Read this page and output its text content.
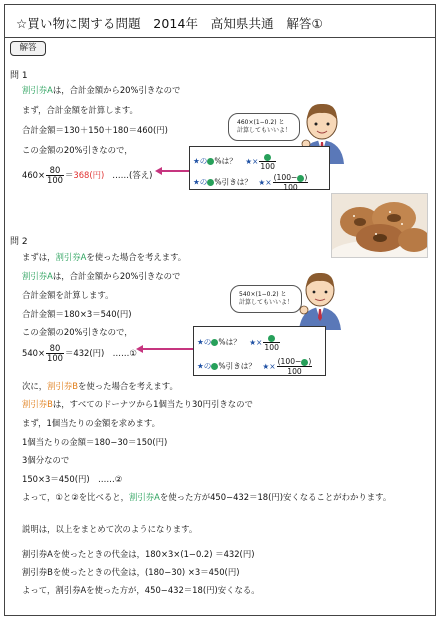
☆買い物に関する問題　2014年　高知県共通　解答①
解答
問 1
割引券Aは，合計金額から20%引きなので
まず，合計金額を計算します。
合計金額＝130＋150＋180＝460(円)
この金額の20%引きなので，
$460\times \frac{80}{100} =368$(円) ……(答え)
460×(1−0.2) と
計算してもいいよ！
★の %は？ ★×
100
★の %引きは？ ★× $\frac{(100- )}{100}$
問 2
まずは，割引券Aを使った場合を考えます。
割引券Aは，合計金額から20%引きなので
合計金額を計算します。
合計金額＝180×3＝540(円)
この金額の20%引きなので，
$540\times \frac{80}{100} =432$(円)　……①
540×(1−0.2) と
計算してもいいよ！
★の %は？ ★×
100
★の %引きは？ ★× $\frac{(100- )}{100}$
次に，割引券Bを使った場合を考えます。
割引券Bは，すべてのドーナツから1個当たり30円引きなので
まず，1個当たりの金額を求めます。
1個当たりの金額＝180−30＝150(円)
3個分なので
150×3＝450(円)　……②
よって，①と②を比べると，割引券Aを使った方が450−432＝18(円)安くなることがわかります。
説明は，以上をまとめて次のようになります。
割引券Aを使ったときの代金は，180×3×(1−0.2) ＝432(円)
割引券Bを使ったときの代金は，(180−30) ×3＝450(円)
よって，割引券Aを使った方が，450−432＝18(円)安くなる。
